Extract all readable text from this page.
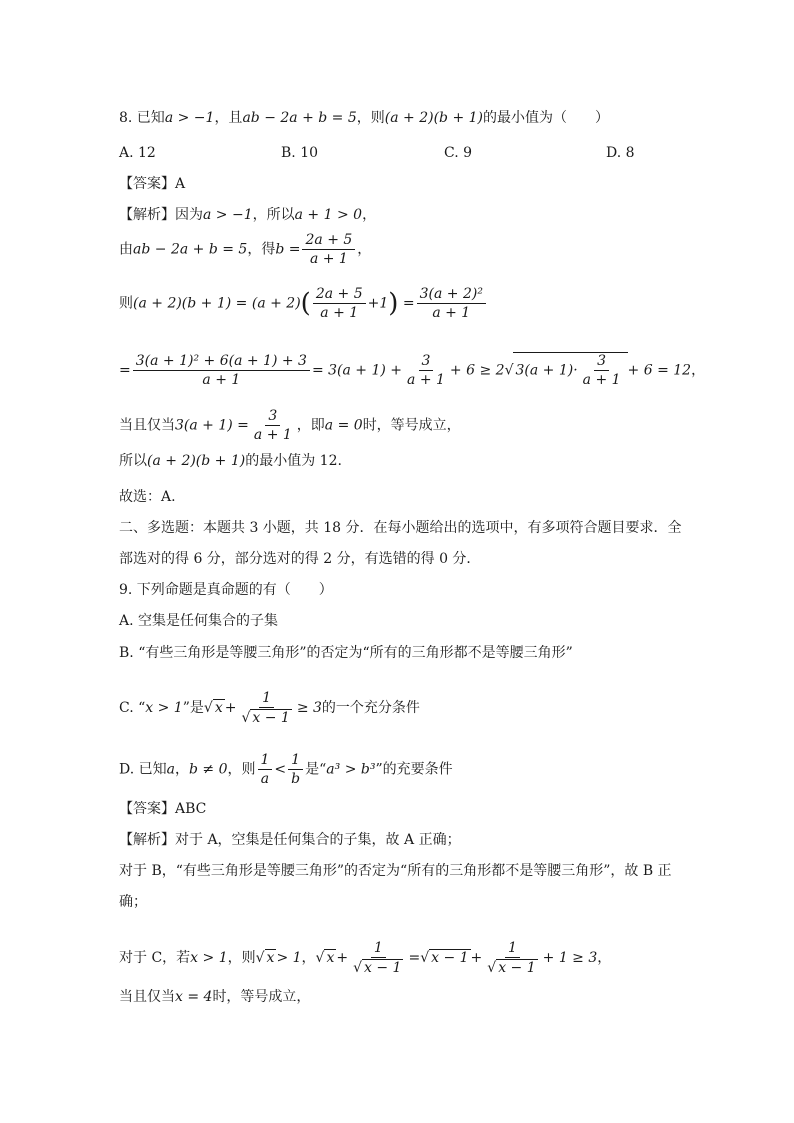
8. 已知a > −1，且ab − 2a + b = 5，则(a + 2)(b + 1)的最小值为（　　）
A. 12	B. 10	C. 9	D. 8
【答案】A
【解析】因为a > −1，所以a + 1 > 0，
由ab − 2a + b = 5，得$b = \frac{2a + 5}{a + 1}$ ，
则$(a + 2)(b + 1) = (a + 2)( \frac{2a + 5}{a + 1} +1) = \frac{\text{3(a + 2)²}}{a + 1}$
= $\frac{\text{3(a + 1)² + 6(a + 1) + 3}}{a + 1} = 3(a + 1) + \frac{3}{a + 1} + 6 \ge 2√$ $3(a + 1)\cdot \frac{3}{a + 1} + 6 = 12$，
当且仅当$3(a + 1) = \frac{3}{a + 1}$ ，即a = 0时，等号成立，
所以(a + 2)(b + 1)的最小值为 12.
故选：A.
二、多选题：本题共 3 小题，共 18 分．在每小题给出的选项中，有多项符合题目要求．全
部选对的得 6 分，部分选对的得 2 分，有选错的得 0 分．
9. 下列命题是真命题的有（　　）
A. 空集是任何集合的子集
B. “有些三角形是等腰三角形”的否定为“所有的三角形都不是等腰三角形”
C. “x > 1”是√ $x + \frac{1}{√ x - 1} \ge 3$的一个充分条件
D. 已知a，b ≠ 0，则 $\frac{1}{a} < \frac{1}{b}$ 是“a³ > b³”的充要条件
【答案】ABC
【解析】对于 A，空集是任何集合的子集，故 A 正确；
对于 B，“有些三角形是等腰三角形”的否定为“所有的三角形都不是等腰三角形”，故 B 正
确；
对于 C，若x > 1，则√ x > 1，√ $x + \frac{1}{√ x - 1}$ =√ $x - 1 + \frac{1}{√ x - 1} + 1 \ge 3$，
当且仅当x = 4时，等号成立，
